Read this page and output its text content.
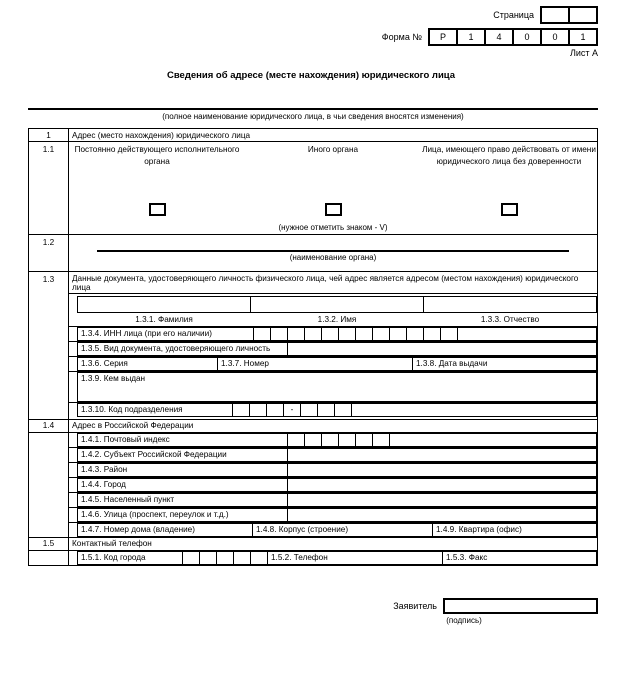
Страница
Форма №	Р	1	4	0	0	1
Лист А
Сведения об адресе (месте нахождения) юридического лица
(полное наименование юридического лица, в чьи сведения вносятся изменения)
1	Адрес (место нахождения) юридического лица
1.1	Постоянно действующего исполнительного органа
Иного органа	Лица, имеющего право действовать от имени юридического лица без доверенности
(нужное отметить знаком - V)

1.2	
(наименование органа)

1.3	Данные документа, удостоверяющего личность физического лица, чей адрес является адресом (местом нахождения) юридического лица

1.3.1. Фамилия	1.3.2. Имя	1.3.3. Отчество

1.3.4. ИНН лица (при его наличии)													

1.3.5. Вид документа, удостоверяющего личность	

1.3.6. Серия	1.3.7. Номер	1.3.8. Дата выдачи

1.3.9. Кем выдан

1.3.10. Код подразделения				-				

1.4	Адрес в Российской Федерации

1.4.1. Почтовый индекс							

1.4.2. Субъект Российской Федерации	

1.4.3. Район	

1.4.4. Город	

1.4.5. Населенный пункт	

1.4.6. Улица (проспект, переулок и т.д.)	

1.4.7. Номер дома (владение)	1.4.8. Корпус (строение)	1.4.9. Квартира (офис)

1.5	Контактный телефон

1.5.1. Код города						1.5.2. Телефон	1.5.3. Факс
Заявитель
(подпись)
